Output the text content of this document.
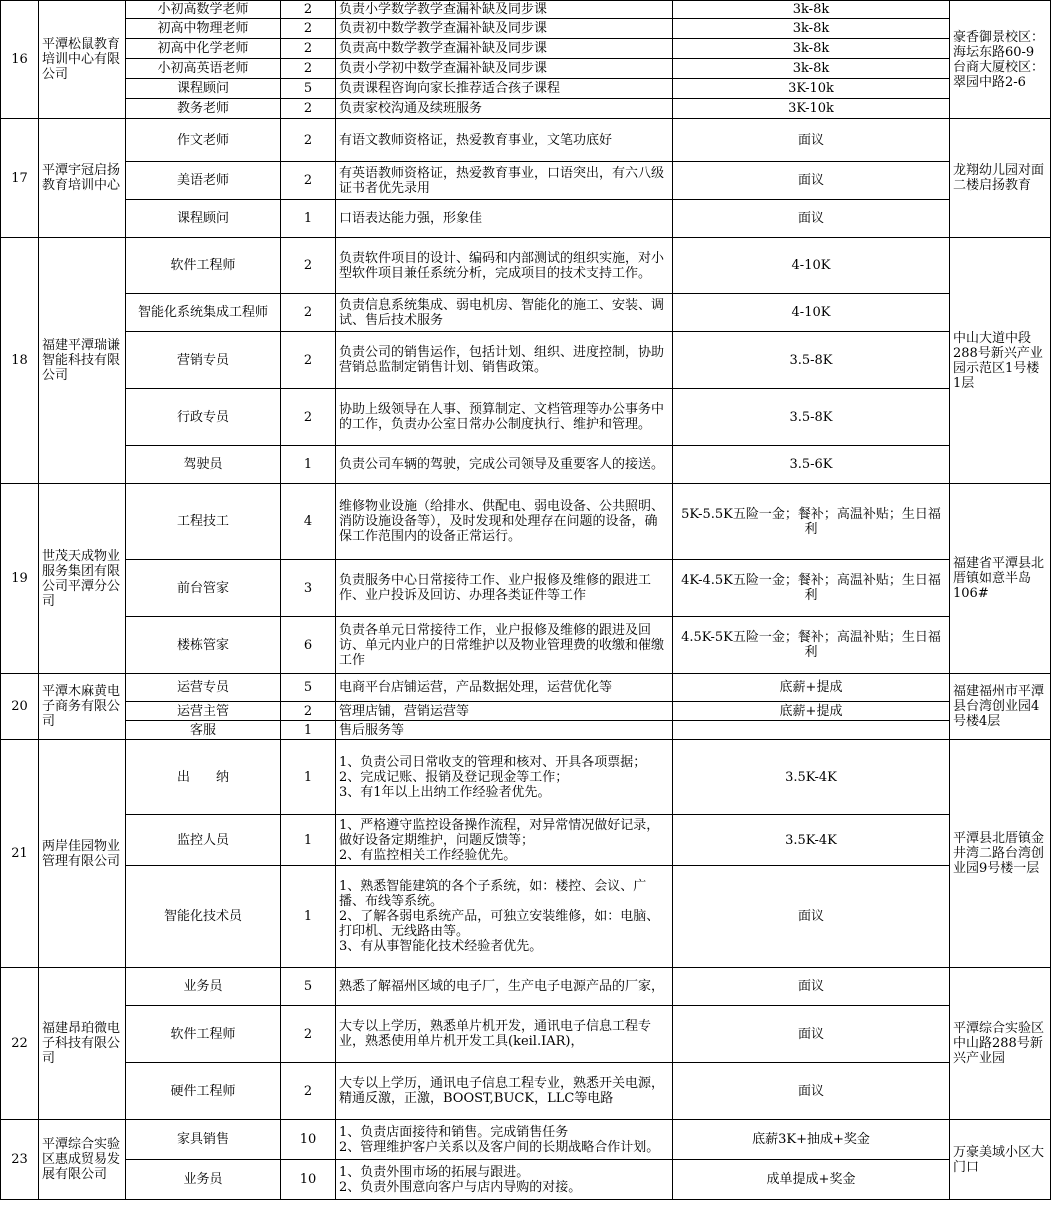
16	平潭松鼠教育培训中心有限公司	小初高数学老师	2	负责小学数学教学查漏补缺及同步课	3k-8k	豪香御景校区：海坛东路60-9　台商大厦校区：翠园中路2-6
		初高中物理老师	2	负责初中数学教学查漏补缺及同步课	3k-8k	
		初高中化学老师	2	负责高中数学教学查漏补缺及同步课	3k-8k	
		小初高英语老师	2	负责小学初中数学查漏补缺及同步课	3k-8k	
		课程顾问	5	负责课程咨询向家长推荐适合孩子课程	3K-10k	
		教务老师	2	负责家校沟通及续班服务	3K-10k	
17	平潭宇冠启扬教育培训中心	作文老师	2	有语文教师资格证，热爱教育事业，文笔功底好	面议	龙翔幼儿园对面二楼启扬教育
		美语老师	2	有英语教师资格证，热爱教育事业，口语突出，有六八级证书者优先录用	面议	
		课程顾问	1	口语表达能力强，形象佳	面议	
18	福建平潭瑞谦智能科技有限公司	软件工程师	2	负责软件项目的设计、编码和内部测试的组织实施，对小型软件项目兼任系统分析，完成项目的技术支持工作。	4-10K	中山大道中段288号新兴产业园示范区1号楼1层
		智能化系统集成工程师	2	负责信息系统集成、弱电机房、智能化的施工、安装、调试、售后技术服务	4-10K	
		营销专员	2	负责公司的销售运作，包括计划、组织、进度控制，协助营销总监制定销售计划、销售政策。	3.5-8K	
		行政专员	2	协助上级领导在人事、预算制定、文档管理等办公事务中的工作，负责办公室日常办公制度执行、维护和管理。	3.5-8K	
		驾驶员	1	负责公司车辆的驾驶，完成公司领导及重要客人的接送。	3.5-6K	
19	世茂天成物业服务集团有限公司平潭分公司	工程技工	4	维修物业设施（给排水、供配电、弱电设备、公共照明、消防设施设备等），及时发现和处理存在问题的设备，确保工作范围内的设备正常运行。	5K-5.5K五险一金；餐补；高温补贴；生日福利	福建省平潭县北厝镇如意半岛106#
		前台管家	3	负责服务中心日常接待工作、业户报修及维修的跟进工作、业户投诉及回访、办理各类证件等工作	4K-4.5K五险一金；餐补；高温补贴；生日福利	
		楼栋管家	6	负责各单元日常接待工作，业户报修及维修的跟进及回访、单元内业户的日常维护以及物业管理费的收缴和催缴工作	4.5K-5K五险一金；餐补；高温补贴；生日福利	
20	平潭木麻黄电子商务有限公司	运营专员	5	电商平台店铺运营，产品数据处理，运营优化等	底薪+提成	福建福州市平潭县台湾创业园4号楼4层
		运营主管	2	管理店铺，营销运营等	底薪+提成	
		客服	1	售后服务等		
21	两岸佳园物业管理有限公司	出　　纳	1	1、负责公司日常收支的管理和核对、开具各项票据；
2、完成记账、报销及登记现金等工作；
3、有1年以上出纳工作经验者优先。	3.5K-4K	平潭县北厝镇金井湾二路台湾创业园9号楼一层
		监控人员	1	1、严格遵守监控设备操作流程，对异常情况做好记录，做好设备定期维护，问题反馈等；
2、有监控相关工作经验优先。	3.5K-4K	
		智能化技术员	1	1、熟悉智能建筑的各个子系统，如：楼控、会议、广播、布线等系统。
2、了解各弱电系统产品，可独立安装维修，如：电脑、打印机、无线路由等。
3、有从事智能化技术经验者优先。	面议	
22	福建昂珀微电子科技有限公司	业务员	5	熟悉了解福州区域的电子厂，生产电子电源产品的厂家，	面议	平潭综合实验区中山路288号新兴产业园
		软件工程师	2	大专以上学历，熟悉单片机开发，通讯电子信息工程专业，熟悉使用单片机开发工具(keil.IAR)，	面议	
		硬件工程师	2	大专以上学历，通讯电子信息工程专业，熟悉开关电源，精通反激，正激，BOOST,BUCK，LLC等电路	面议	
23	平潭综合实验区惠成贸易发展有限公司	家具销售	10	1、负责店面接待和销售。完成销售任务
2、管理维护客户关系以及客户间的长期战略合作计划。	底薪3K+抽成+奖金	万豪美域小区大门口
		业务员	10	1、负责外围市场的拓展与跟进。
2、负责外围意向客户与店内导购的对接。	成单提成+奖金	
